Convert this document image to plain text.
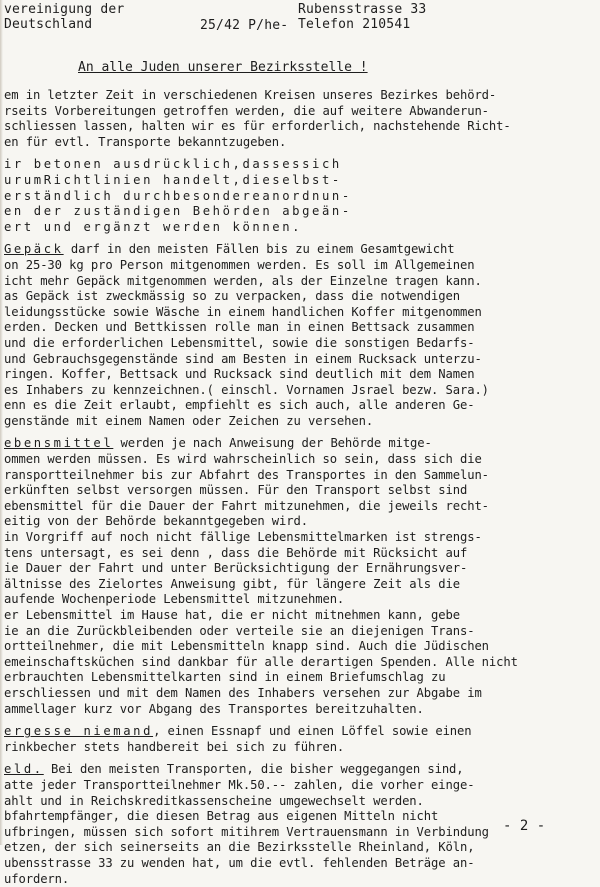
vereinigung der
Deutschland	25/42 P/he-
Rubensstrasse 33
Telefon 210541
An alle Juden unserer Bezirksstelle !
em in letzter Zeit in verschiedenen Kreisen unseres Bezirkes behörd-
rseits Vorbereitungen getroffen werden, die auf weitere Abwanderun-
schliessen lassen, halten wir es für erforderlich, nachstehende Richt-
en für evtl. Transporte bekanntzugeben.
ir betonen ausdrücklich,dassessich
urumRichtlinien handelt,dieselbst-
erständlich durchbesondereanordnun-
en der zuständigen Behörden abgeän-
ert und ergänzt werden können.
Gepäck darf in den meisten Fällen bis zu einem Gesamtgewicht
on 25-30 kg pro Person mitgenommen werden. Es soll im Allgemeinen
icht mehr Gepäck mitgenommen werden, als der Einzelne tragen kann.
as Gepäck ist zweckmässig so zu verpacken, dass die notwendigen
leidungsstücke sowie Wäsche in einem handlichen Koffer mitgenommen
erden. Decken und Bettkissen rolle man in einen Bettsack zusammen
und die erforderlichen Lebensmittel, sowie die sonstigen Bedarfs-
und Gebrauchsgegenstände sind am Besten in einem Rucksack unterzu-
ringen. Koffer, Bettsack und Rucksack sind deutlich mit dem Namen
es Inhabers zu kennzeichnen.( einschl. Vornamen Jsrael bezw. Sara.)
enn es die Zeit erlaubt, empfiehlt es sich auch, alle anderen Ge-
genstände mit einem Namen oder Zeichen zu versehen.
ebensmittel werden je nach Anweisung der Behörde mitge-
ommen werden müssen. Es wird wahrscheinlich so sein, dass sich die
ransportteilnehmer bis zur Abfahrt des Transportes in den Sammelun-
erkünften selbst versorgen müssen. Für den Transport selbst sind
ebensmittel für die Dauer der Fahrt mitzunehmen, die jeweils recht-
eitig von der Behörde bekanntgegeben wird.
in Vorgriff auf noch nicht fällige Lebensmittelmarken ist strengs-
tens untersagt, es sei denn , dass die Behörde mit Rücksicht auf
ie Dauer der Fahrt und unter Berücksichtigung der Ernährungsver-
ältnisse des Zielortes Anweisung gibt, für längere Zeit als die
aufende Wochenperiode Lebensmittel mitzunehmen.
er Lebensmittel im Hause hat, die er nicht mitnehmen kann, gebe
ie an die Zurückbleibenden oder verteile sie an diejenigen Trans-
ortteilnehmer, die mit Lebensmitteln knapp sind. Auch die Jüdischen
emeinschaftsküchen sind dankbar für alle derartigen Spenden. Alle nicht
erbrauchten Lebensmittelkarten sind in einem Briefumschlag zu
erschliessen und mit dem Namen des Inhabers versehen zur Abgabe im
ammellager kurz vor Abgang des Transportes bereitzuhalten.
ergesse niemand, einen Essnapf und einen Löffel sowie einen
rinkbecher stets handbereit bei sich zu führen.
eld. Bei den meisten Transporten, die bisher weggegangen sind,
atte jeder Transportteilnehmer Mk.50.-- zahlen, die vorher einge-
ahlt und in Reichskreditkassenscheine umgewechselt werden.
bfahrtempfänger, die diesen Betrag aus eigenen Mitteln nicht
ufbringen, müssen sich sofort mitihrem Vertrauensmann in Verbindung
etzen, der sich seinerseits an die Bezirksstelle Rheinland, Köln,
ubensstrasse 33 zu wenden hat, um die evtl. fehlenden Beträge an-
ufordern.
- 2 -
